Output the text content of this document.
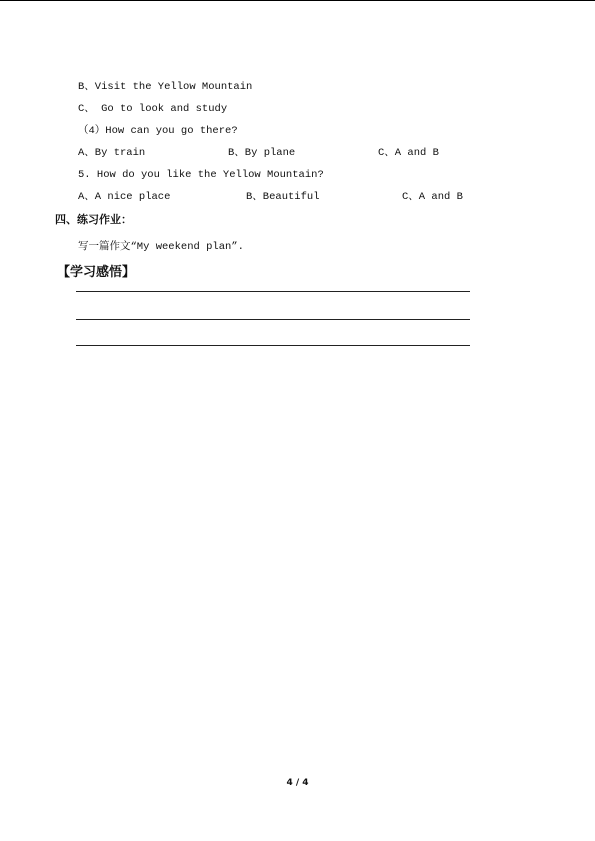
B、Visit the Yellow Mountain
C、 Go to look and study
（4）How can you go there?
A、By train	B、By plane	C、A and B
5. How do you like the Yellow Mountain?
A、A nice place	B、Beautiful	C、A and B
四、练习作业：
写一篇作文“My weekend plan”.
【学习感悟】
4 / 4
